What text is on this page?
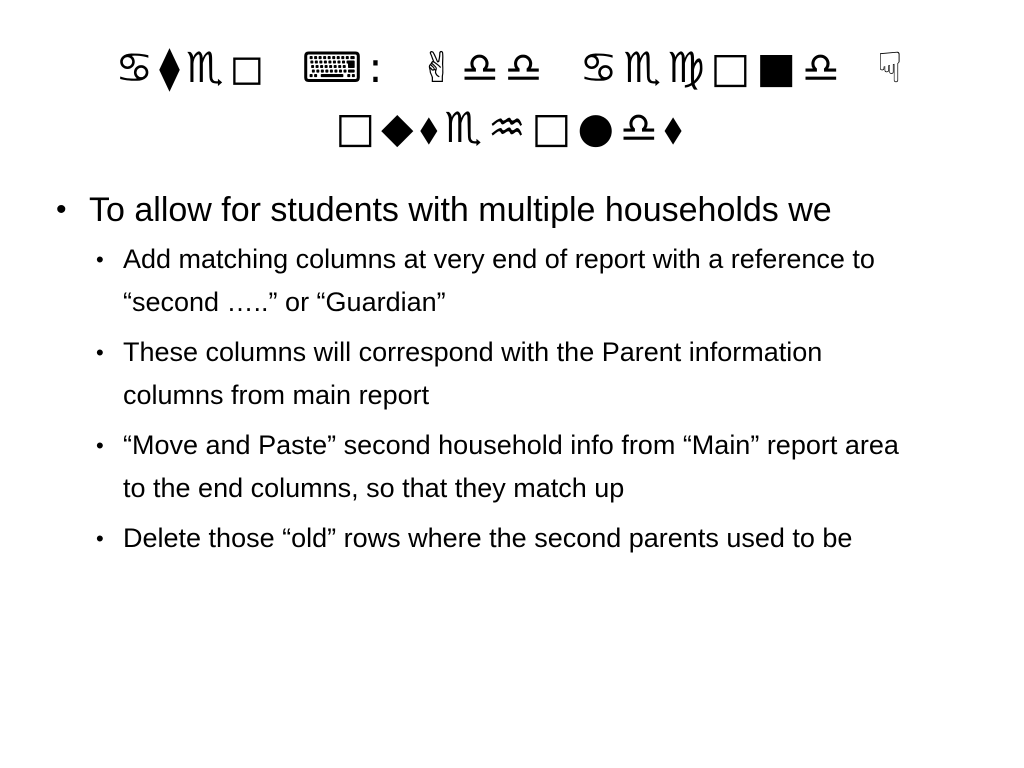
♋⧫♏◻ ⌨: ✌♎♎ ♋♏♍□■♎ ☟□◆⬧♏♒□●♎⬧
• To allow for students with multiple households we
• Add matching columns at very end of report with a reference to “second …..” or “Guardian”
• These columns will correspond with the Parent information columns from main report
• “Move and Paste” second household info from “Main” report area to the end columns, so that they match up
• Delete those “old” rows where the second parents used to be
